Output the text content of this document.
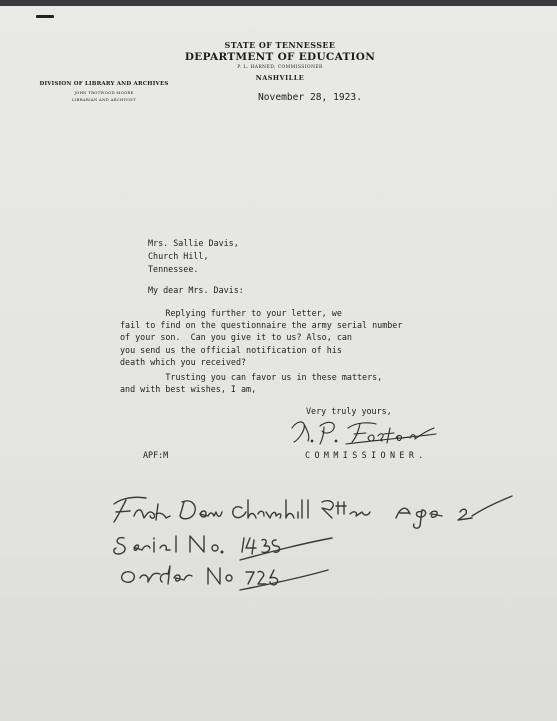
STATE OF TENNESSEE
DEPARTMENT OF EDUCATION
P. L. HARNED, COMMISSIONER
NASHVILLE
DIVISION OF LIBRARY AND ARCHIVES
JOHN TROTWOOD MOORE
LIBRARIAN AND ARCHIVIST	November 28, 1923.
Mrs. Sallie Davis,
Church Hill,
Tennessee.
My dear Mrs. Davis:
Replying further to your letter, we
fail to find on the questionnaire the army serial number
of your son.  Can you give it to us? Also, can
you send us the official notification of his
death which you received?
Trusting you can favor us in these matters,
and with best wishes, I am,
Very truly yours,
APF:M	COMMISSIONER.
